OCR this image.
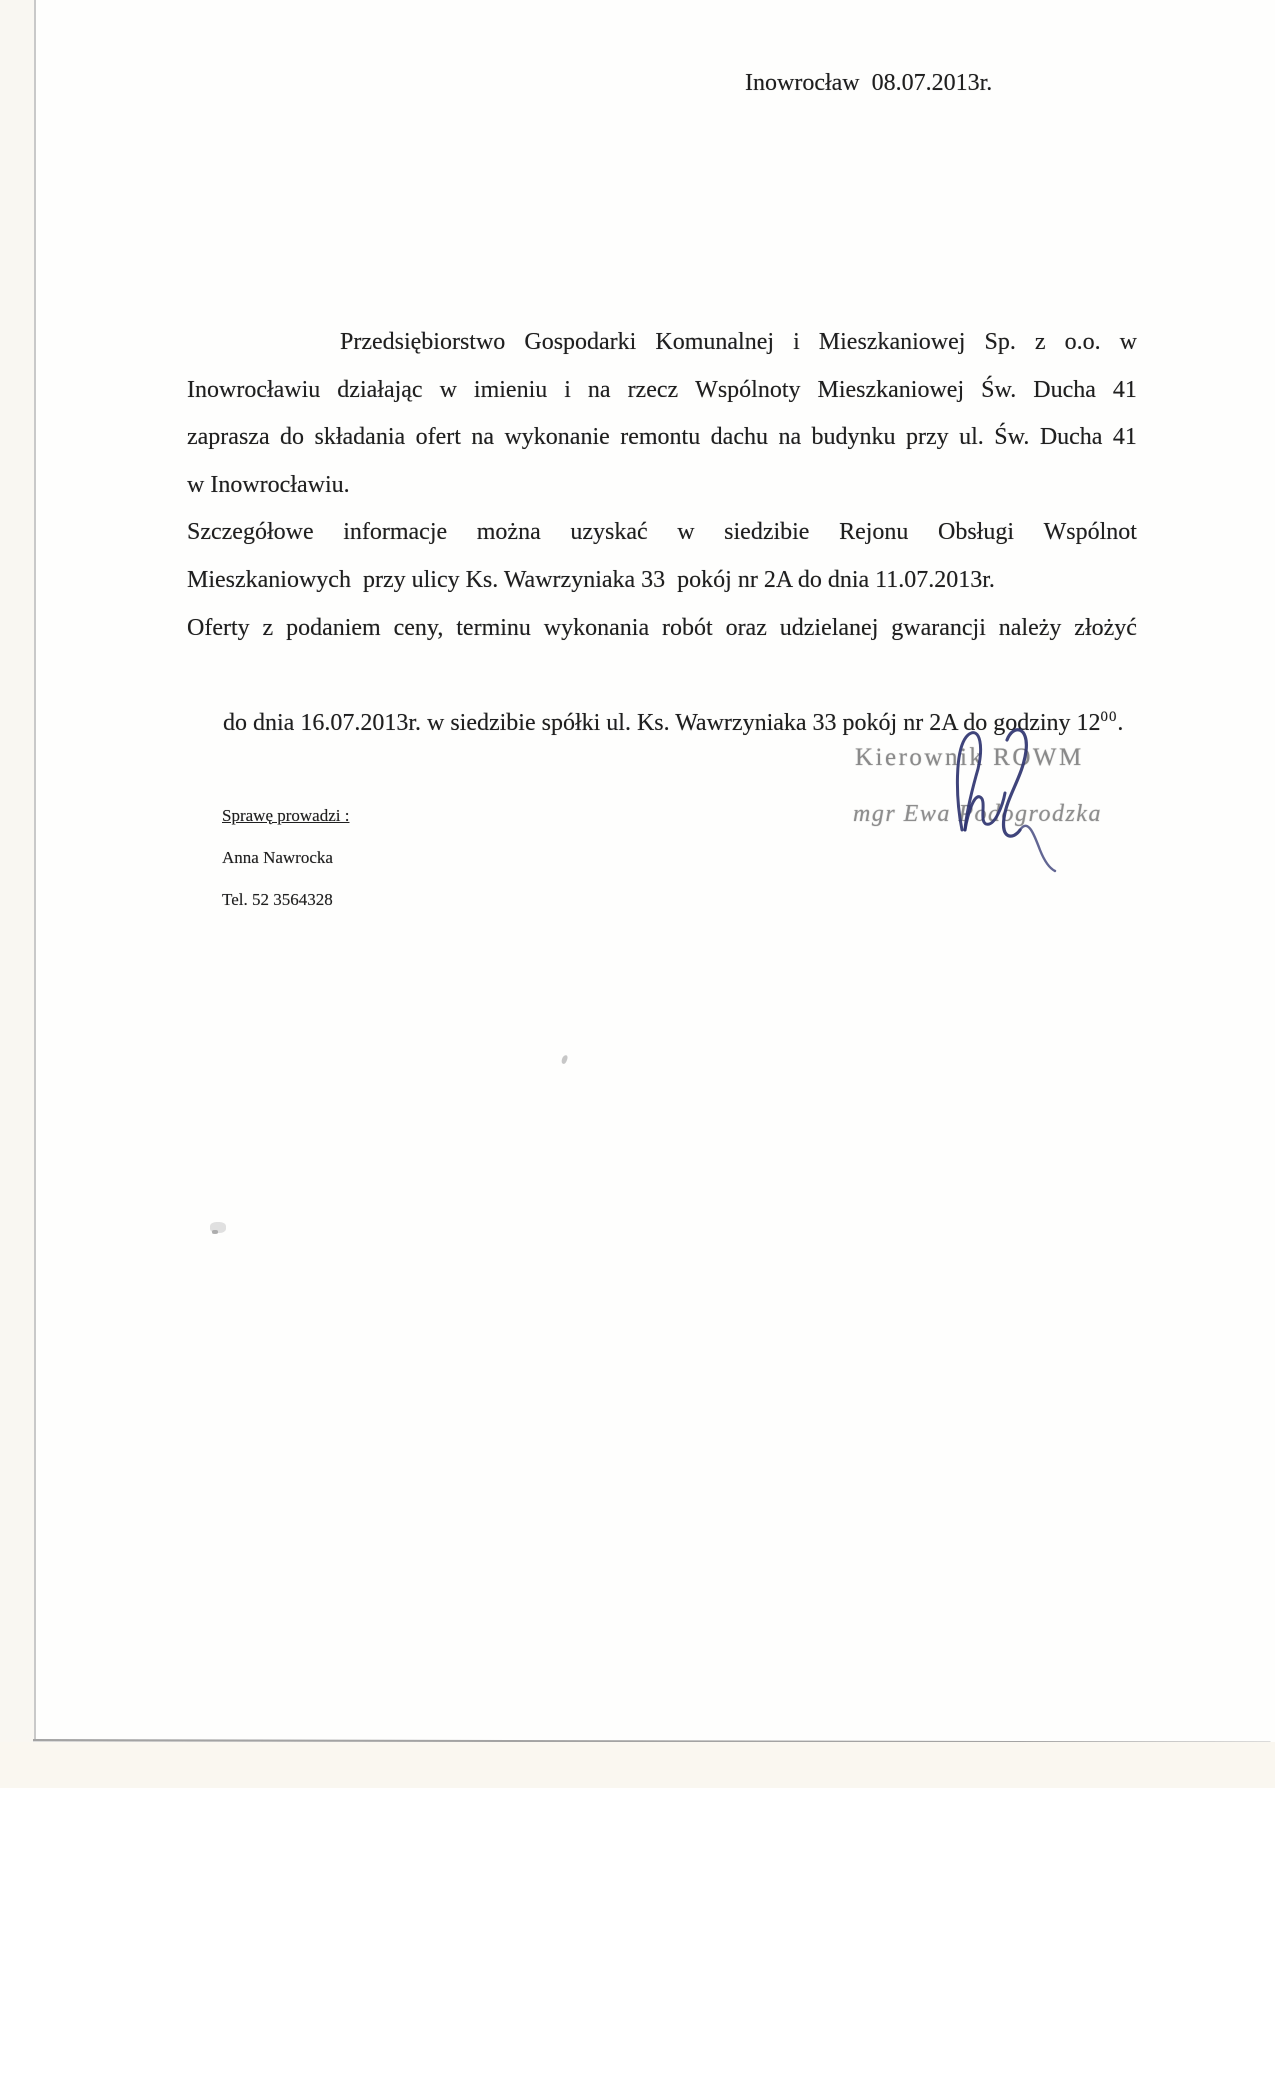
Inowrocław  08.07.2013r.
Przedsiębiorstwo Gospodarki Komunalnej i Mieszkaniowej Sp. z o.o. w
Inowrocławiu działając w imieniu i na rzecz Wspólnoty Mieszkaniowej Św. Ducha 41
zaprasza do składania ofert na wykonanie remontu dachu na budynku przy ul. Św. Ducha 41
w Inowrocławiu.
Szczegółowe informacje można uzyskać w siedzibie Rejonu Obsługi Wspólnot
Mieszkaniowych  przy ulicy Ks. Wawrzyniaka 33  pokój nr 2A do dnia 11.07.2013r.
Oferty z podaniem ceny, terminu wykonania robót oraz udzielanej gwarancji należy złożyć

do dnia 16.07.2013r. w siedzibie spółki ul. Ks. Wawrzyniaka 33 pokój nr 2A do godziny $12^{00}$.

Kierownik ROWM
mgr Ewa Podogrodzka
Sprawę prowadzi :
Anna Nawrocka
Tel. 52 3564328
